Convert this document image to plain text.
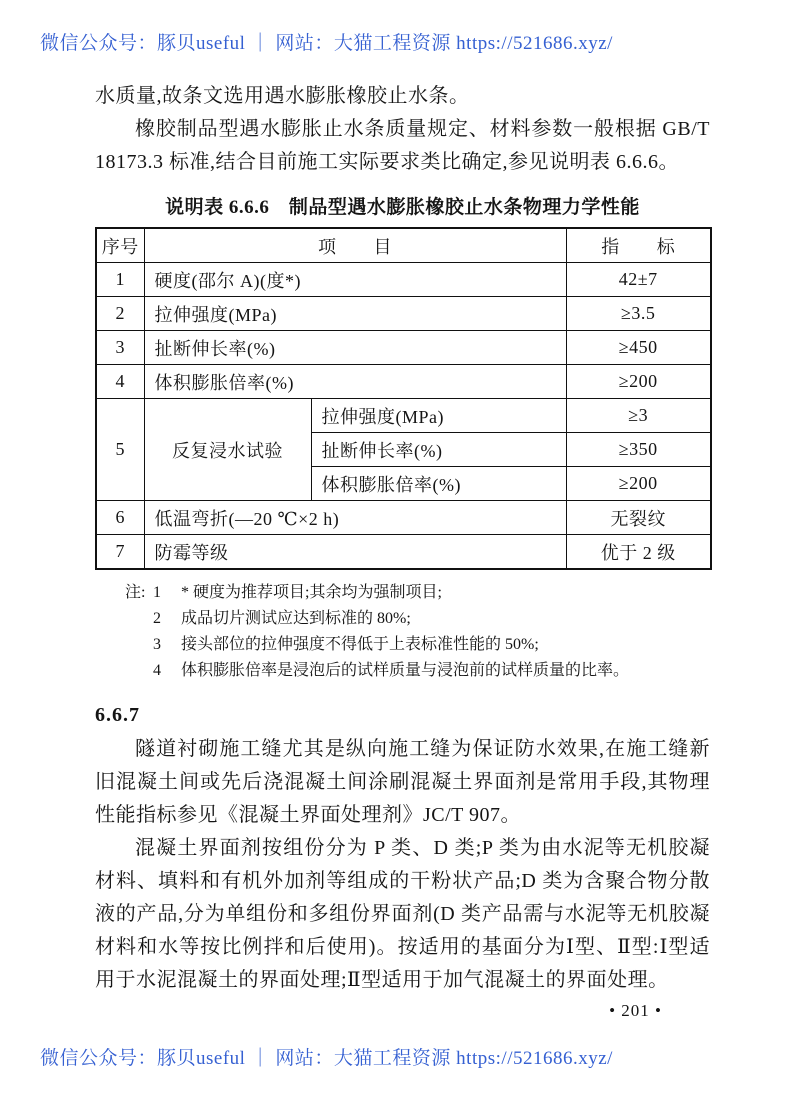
微信公众号：豚贝useful ｜ 网站：大猫工程资源 https://521686.xyz/

水质量,故条文选用遇水膨胀橡胶止水条。

橡胶制品型遇水膨胀止水条质量规定、材料参数一般根据 GB/T 18173.3 标准,结合目前施工实际要求类比确定,参见说明表 6.6.6。

说明表 6.6.6　制品型遇水膨胀橡胶止水条物理力学性能
序号	项　　目		指　　标
1	硬度(邵尔 A)(度*)		42±7
2	拉伸强度(MPa)		≥3.5
3	扯断伸长率(%)		≥450
4	体积膨胀倍率(%)		≥200
5	反复浸水试验	拉伸强度(MPa)	≥3
		扯断伸长率(%)	≥350
		体积膨胀倍率(%)	≥200
6	低温弯折(—20 ℃×2 h)		无裂纹
7	防霉等级		优于 2 级
注: 1	* 硬度为推荐项目;其余均为强制项目;
2	成品切片测试应达到标准的 80%;
3	接头部位的拉伸强度不得低于上表标准性能的 50%;
4	体积膨胀倍率是浸泡后的试样质量与浸泡前的试样质量的比率。
6.6.7

隧道衬砌施工缝尤其是纵向施工缝为保证防水效果,在施工缝新旧混凝土间或先后浇混凝土间涂刷混凝土界面剂是常用手段,其物理性能指标参见《混凝土界面处理剂》JC/T 907。

混凝土界面剂按组份分为 P 类、D 类;P 类为由水泥等无机胶凝材料、填料和有机外加剂等组成的干粉状产品;D 类为含聚合物分散液的产品,分为单组份和多组份界面剂(D 类产品需与水泥等无机胶凝材料和水等按比例拌和后使用)。按适用的基面分为Ⅰ型、Ⅱ型:Ⅰ型适用于水泥混凝土的界面处理;Ⅱ型适用于加气混凝土的界面处理。

• 201 •
微信公众号：豚贝useful ｜ 网站：大猫工程资源 https://521686.xyz/
